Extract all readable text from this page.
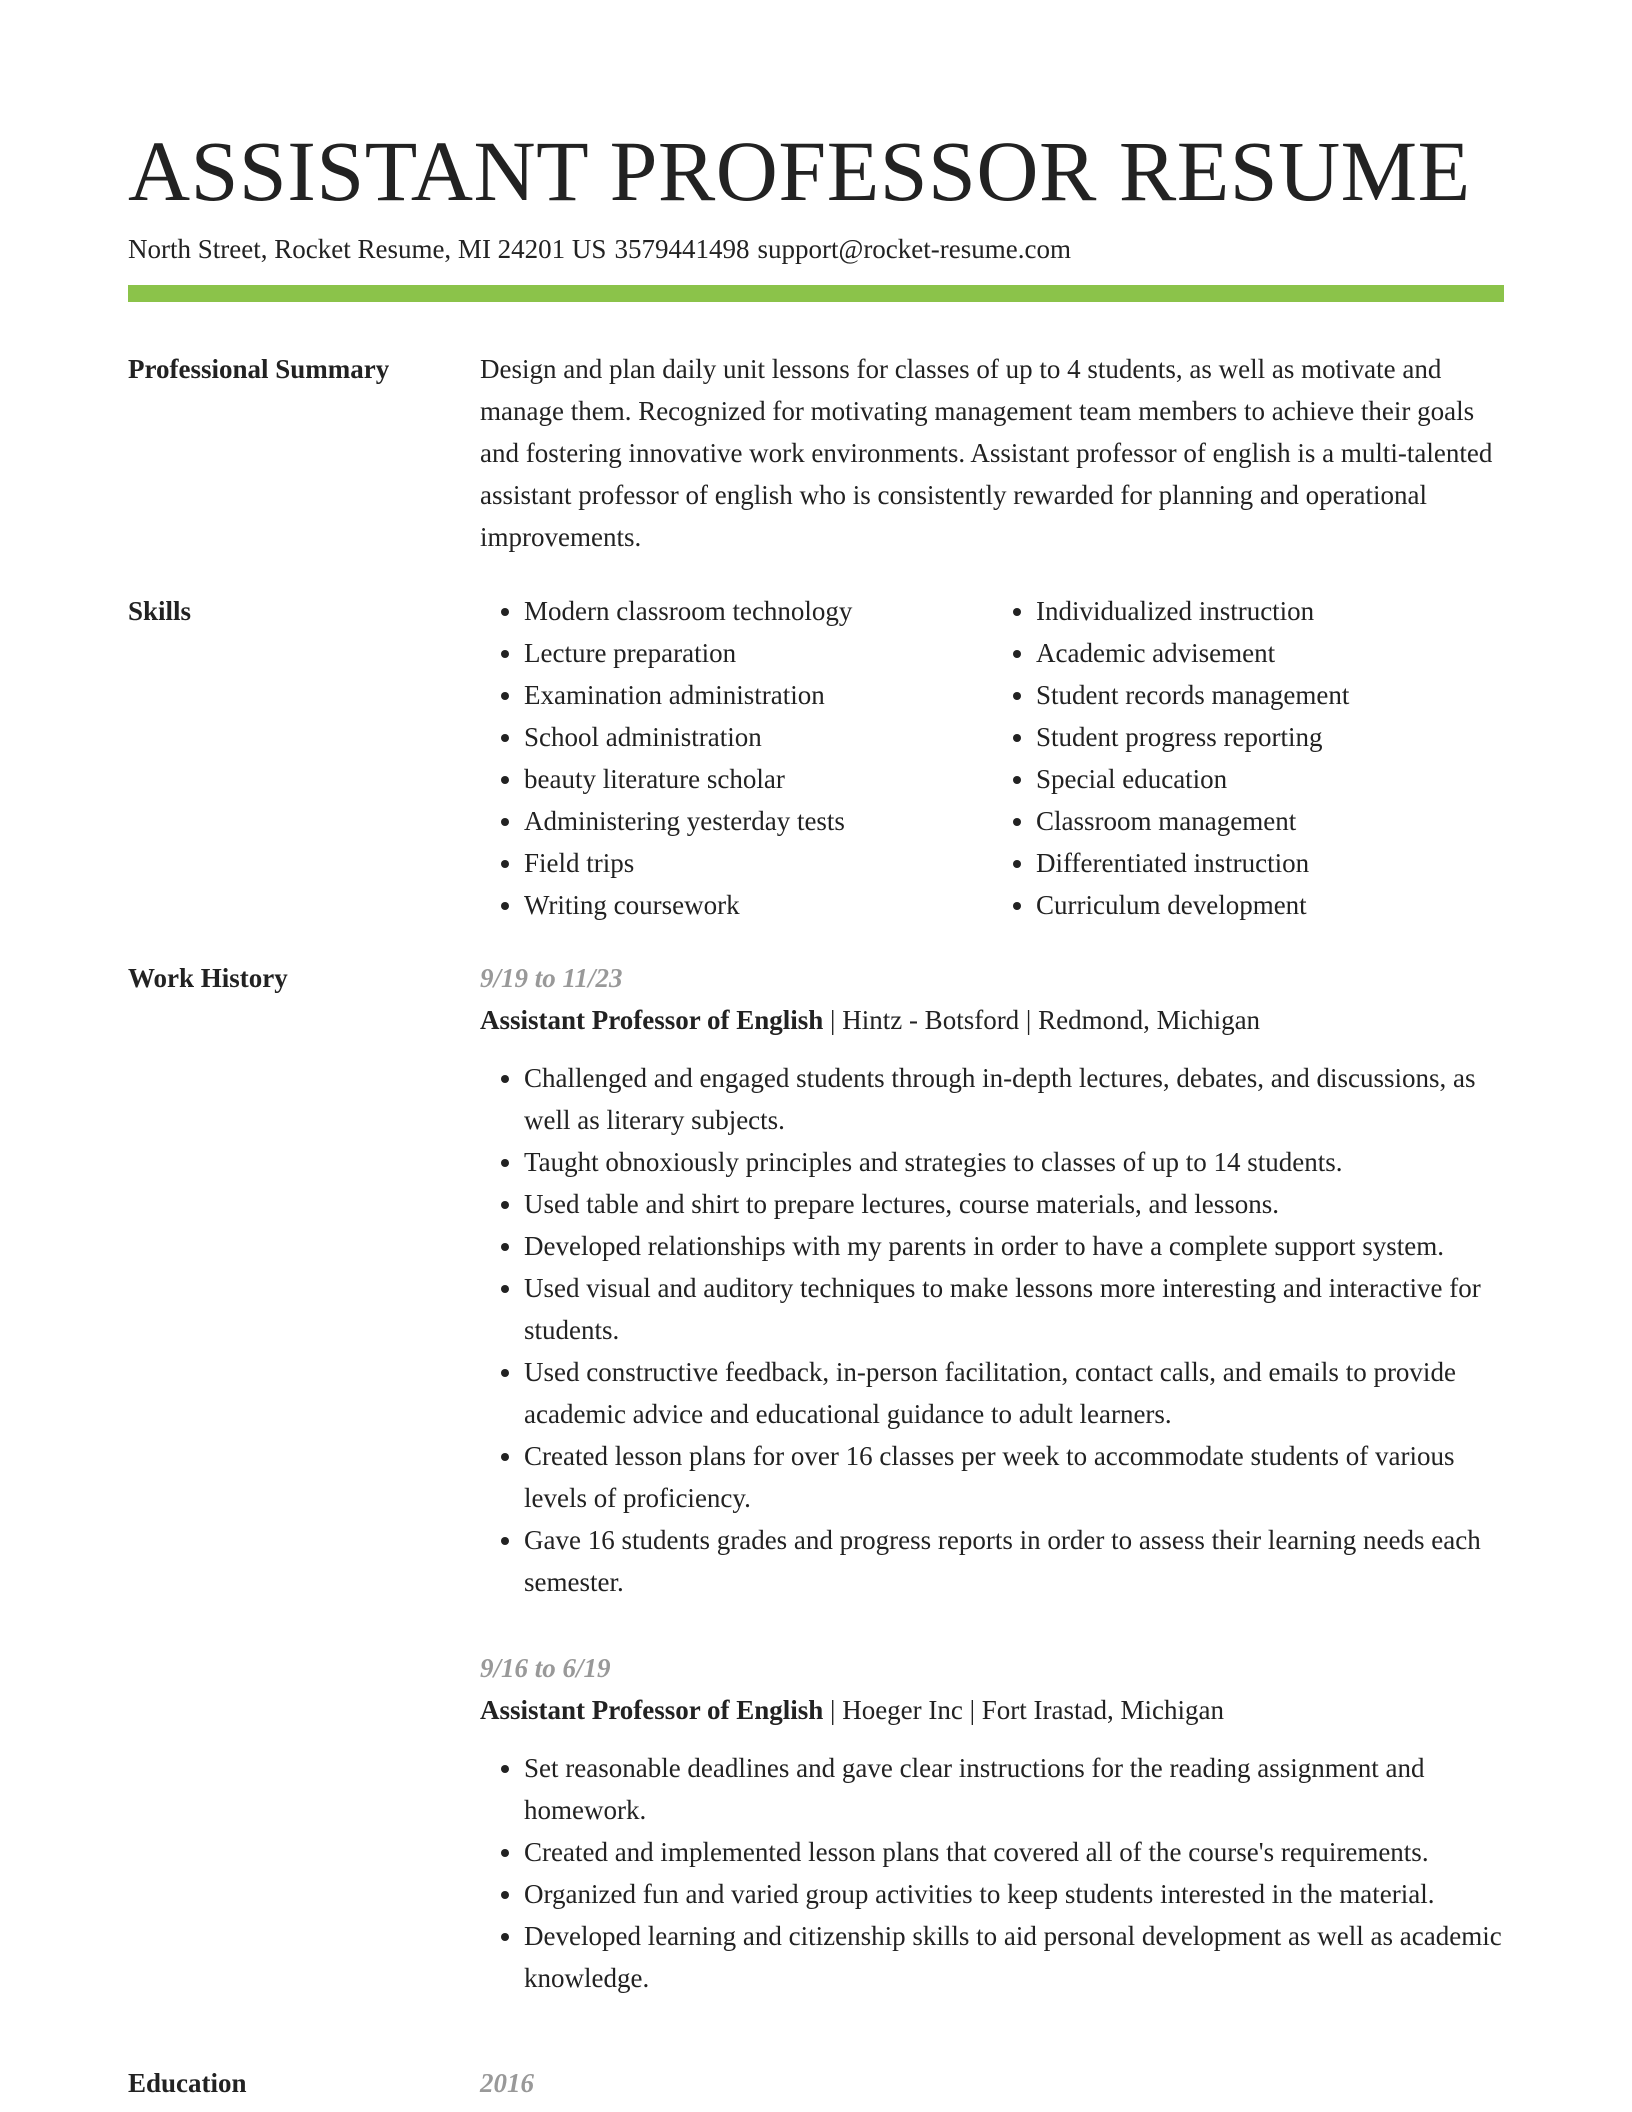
ASSISTANT PROFESSOR RESUME
North Street, Rocket Resume, MI 24201 US 3579441498 support@rocket-resume.com
Professional Summary	Design and plan daily unit lessons for classes of up to 4 students, as well as motivate and manage them. Recognized for motivating management team members to achieve their goals and fostering innovative work environments. Assistant professor of english is a multi-talented assistant professor of english who is consistently rewarded for planning and operational improvements.

Skills
•	Modern classroom technology
• Lecture preparation
• Examination administration
• School administration
• beauty literature scholar
• Administering yesterday tests
• Field trips
• Writing coursework
• Individualized instruction
• Academic advisement
• Student records management
• Student progress reporting
• Special education
• Classroom management
• Differentiated instruction
• Curriculum development
Work History	9/19 to 11/23
Assistant Professor of English | Hintz - Botsford | Redmond, Michigan
• Challenged and engaged students through in-depth lectures, debates, and discussions, as well as literary subjects.
• Taught obnoxiously principles and strategies to classes of up to 14 students.
• Used table and shirt to prepare lectures, course materials, and lessons.
• Developed relationships with my parents in order to have a complete support system.
• Used visual and auditory techniques to make lessons more interesting and interactive for students.
• Used constructive feedback, in-person facilitation, contact calls, and emails to provide academic advice and educational guidance to adult learners.
• Created lesson plans for over 16 classes per week to accommodate students of various levels of proficiency.
• Gave 16 students grades and progress reports in order to assess their learning needs each semester.
9/16 to 6/19
Assistant Professor of English | Hoeger Inc | Fort Irastad, Michigan
• Set reasonable deadlines and gave clear instructions for the reading assignment and homework.
• Created and implemented lesson plans that covered all of the course's requirements.
• Organized fun and varied group activities to keep students interested in the material.
• Developed learning and citizenship skills to aid personal development as well as academic knowledge.
Education	2016
